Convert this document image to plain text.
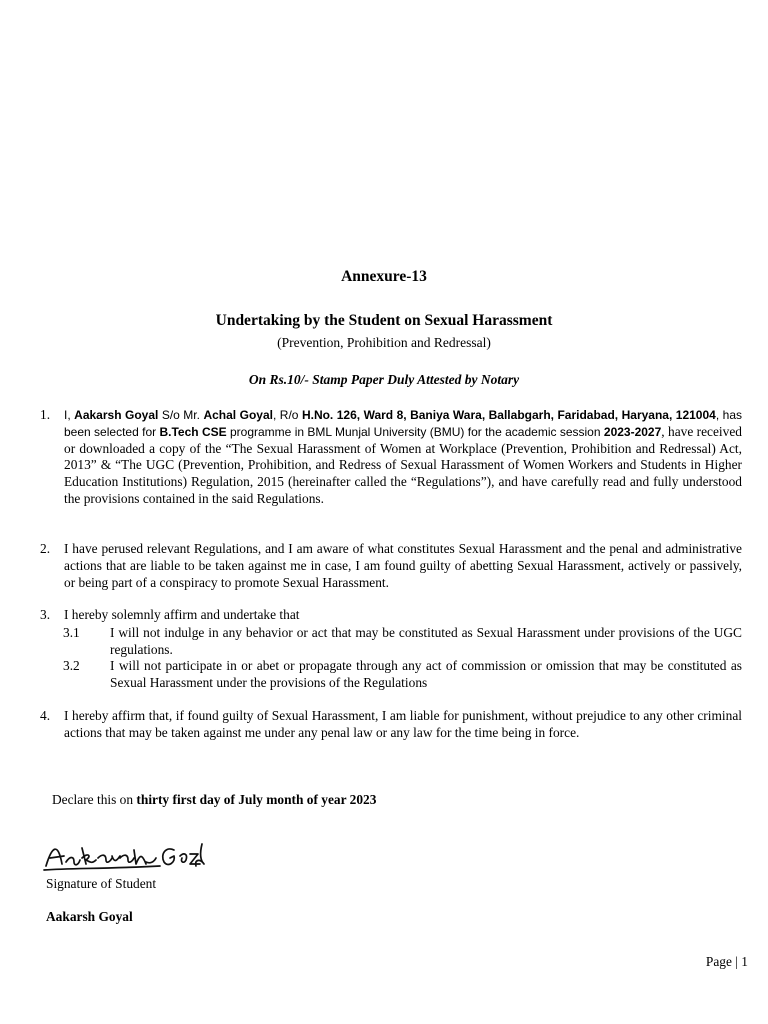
Annexure-13
Undertaking by the Student on Sexual Harassment
(Prevention, Prohibition and Redressal)
On Rs.10/- Stamp Paper Duly Attested by Notary
1. I, Aakarsh Goyal S/o Mr. Achal Goyal, R/o H.No. 126, Ward 8, Baniya Wara, Ballabgarh, Faridabad, Haryana, 121004, has been selected for B.Tech CSE programme in BML Munjal University (BMU) for the academic session 2023-2027, have received or downloaded a copy of the “The Sexual Harassment of Women at Workplace (Prevention, Prohibition and Redressal) Act, 2013” & “The UGC (Prevention, Prohibition, and Redress of Sexual Harassment of Women Workers and Students in Higher Education Institutions) Regulation, 2015 (hereinafter called the “Regulations”), and have carefully read and fully understood the provisions contained in the said Regulations.
2. I have perused relevant Regulations, and I am aware of what constitutes Sexual Harassment and the penal and administrative actions that are liable to be taken against me in case, I am found guilty of abetting Sexual Harassment, actively or passively, or being part of a conspiracy to promote Sexual Harassment.
3. I hereby solemnly affirm and undertake that
3.1 I will not indulge in any behavior or act that may be constituted as Sexual Harassment under provisions of the UGC regulations.
3.2 I will not participate in or abet or propagate through any act of commission or omission that may be constituted as Sexual Harassment under the provisions of the Regulations
4. I hereby affirm that, if found guilty of Sexual Harassment, I am liable for punishment, without prejudice to any other criminal actions that may be taken against me under any penal law or any law for the time being in force.
Declare this on thirty first day of July month of year 2023
Signature of Student
Aakarsh Goyal
Page | 1
